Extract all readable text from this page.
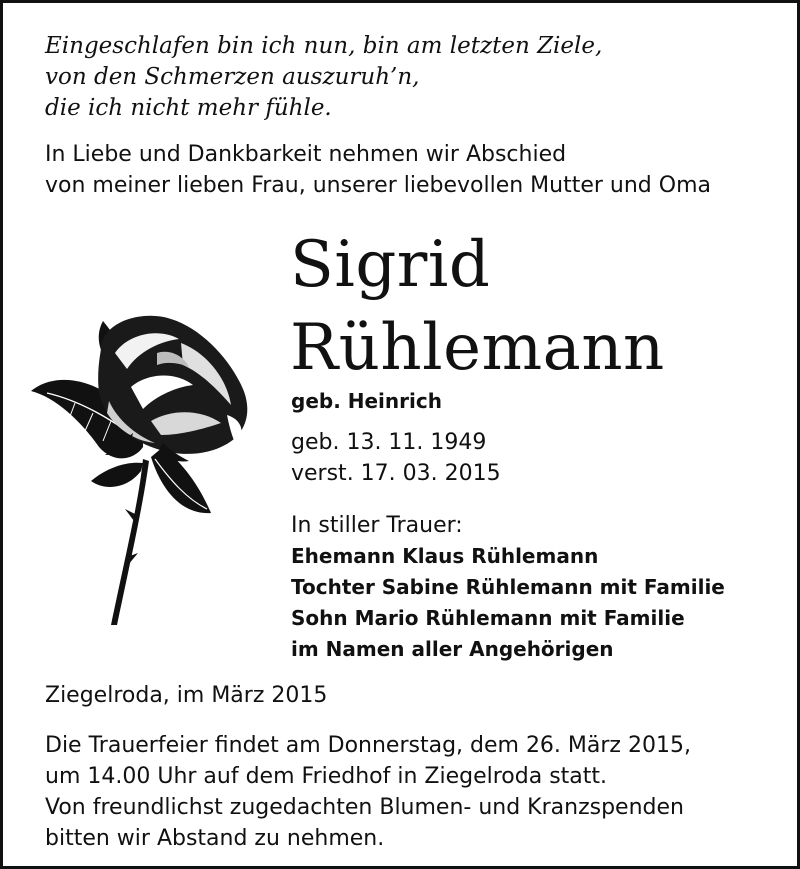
Eingeschlafen bin ich nun, bin am letzten Ziele,
von den Schmerzen auszuruh’n,
die ich nicht mehr fühle.
In Liebe und Dankbarkeit nehmen wir Abschied
von meiner lieben Frau, unserer liebevollen Mutter und Oma
Sigrid
Rühlemann
geb. Heinrich
geb. 13. 11. 1949
verst. 17. 03. 2015
In stiller Trauer:
Ehemann Klaus Rühlemann
Tochter Sabine Rühlemann mit Familie
Sohn Mario Rühlemann mit Familie
im Namen aller Angehörigen
Ziegelroda, im März 2015
Die Trauerfeier findet am Donnerstag, dem 26. März 2015,
um 14.00 Uhr auf dem Friedhof in Ziegelroda statt.
Von freundlichst zugedachten Blumen- und Kranzspenden
bitten wir Abstand zu nehmen.
